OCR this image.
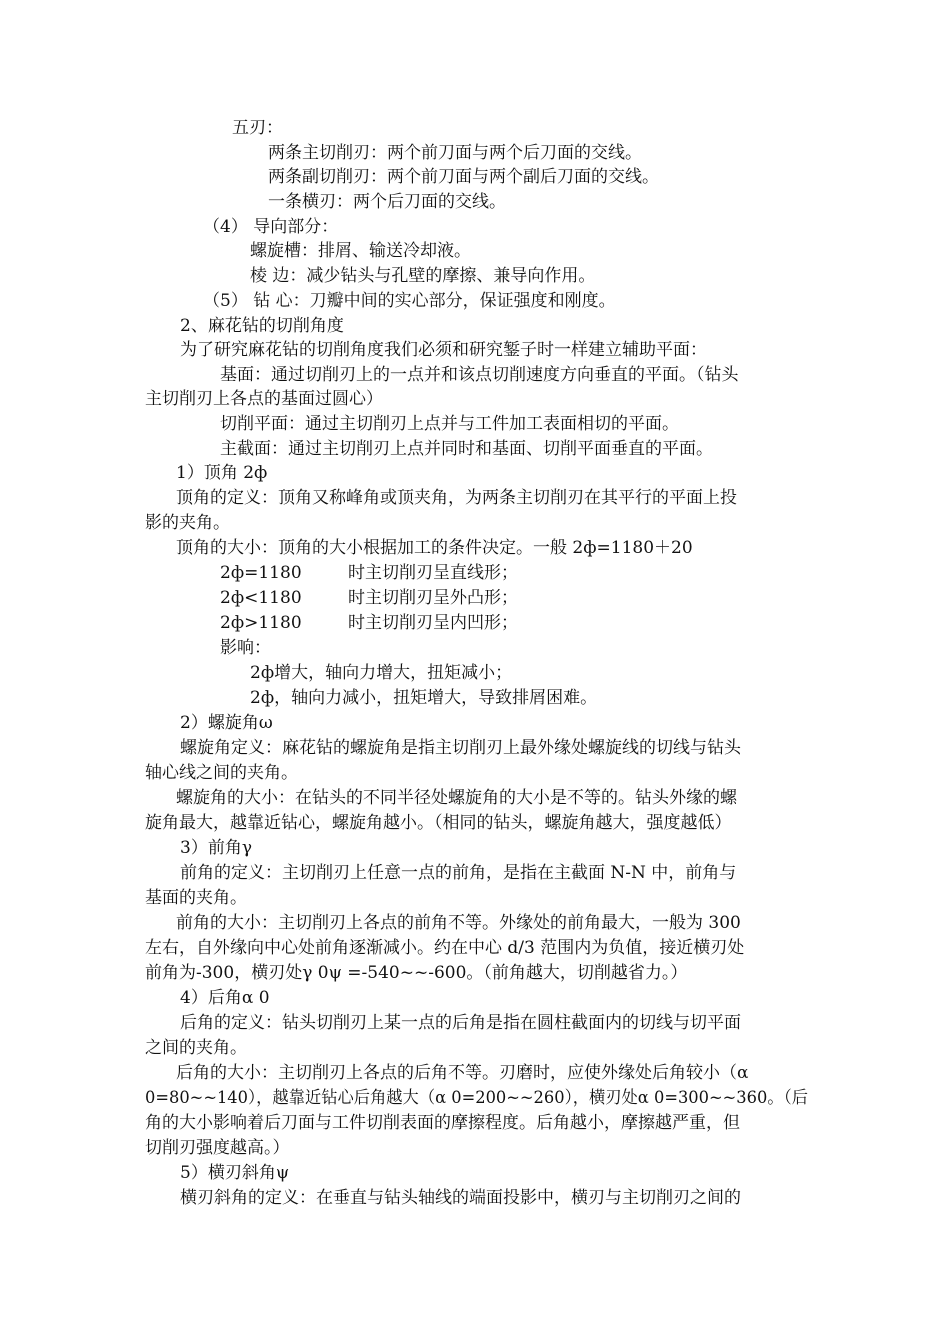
五刃：
两条主切削刃：两个前刀面与两个后刀面的交线。
两条副切削刃：两个前刀面与两个副后刀面的交线。
一条横刃：两个后刀面的交线。
（4） 导向部分：
螺旋槽：排屑、输送冷却液。
棱 边：减少钻头与孔壁的摩擦、兼导向作用。
（5） 钻 心：刀瓣中间的实心部分，保证强度和刚度。
2、麻花钻的切削角度
为了研究麻花钻的切削角度我们必须和研究錾子时一样建立辅助平面：
基面：通过切削刃上的一点并和该点切削速度方向垂直的平面。（钻头
主切削刃上各点的基面过圆心）
切削平面：通过主切削刃上点并与工件加工表面相切的平面。
主截面：通过主切削刃上点并同时和基面、切削平面垂直的平面。
1）顶角 2ф
顶角的定义：顶角又称峰角或顶夹角，为两条主切削刃在其平行的平面上投
影的夹角。
顶角的大小：顶角的大小根据加工的条件决定。一般 2ф=1180＋20
2ф=1180	时主切削刃呈直线形；
2ф<1180	时主切削刃呈外凸形；
2ф>1180	时主切削刃呈内凹形；
影响：
2ф增大，轴向力增大，扭矩减小；
2ф，轴向力减小，扭矩增大，导致排屑困难。
2）螺旋角ω
螺旋角定义：麻花钻的螺旋角是指主切削刃上最外缘处螺旋线的切线与钻头
轴心线之间的夹角。
螺旋角的大小：在钻头的不同半径处螺旋角的大小是不等的。钻头外缘的螺
旋角最大，越靠近钻心，螺旋角越小。（相同的钻头，螺旋角越大，强度越低）
3）前角γ
前角的定义：主切削刃上任意一点的前角，是指在主截面 N-N 中，前角与
基面的夹角。
前角的大小：主切削刃上各点的前角不等。外缘处的前角最大，一般为 300
左右，自外缘向中心处前角逐渐减小。约在中心 d/3 范围内为负值，接近横刃处
前角为-300，横刃处γ 0ψ =-540~~-600。（前角越大，切削越省力。）
4）后角α 0
后角的定义：钻头切削刃上某一点的后角是指在圆柱截面内的切线与切平面
之间的夹角。
后角的大小：主切削刃上各点的后角不等。刃磨时，应使外缘处后角较小（α
0=80~~140），越靠近钻心后角越大（α 0=200~~260），横刃处α 0=300~~360。（后
角的大小影响着后刀面与工件切削表面的摩擦程度。后角越小，摩擦越严重，但
切削刃强度越高。）
5）横刃斜角ψ
横刃斜角的定义：在垂直与钻头轴线的端面投影中，横刃与主切削刃之间的
